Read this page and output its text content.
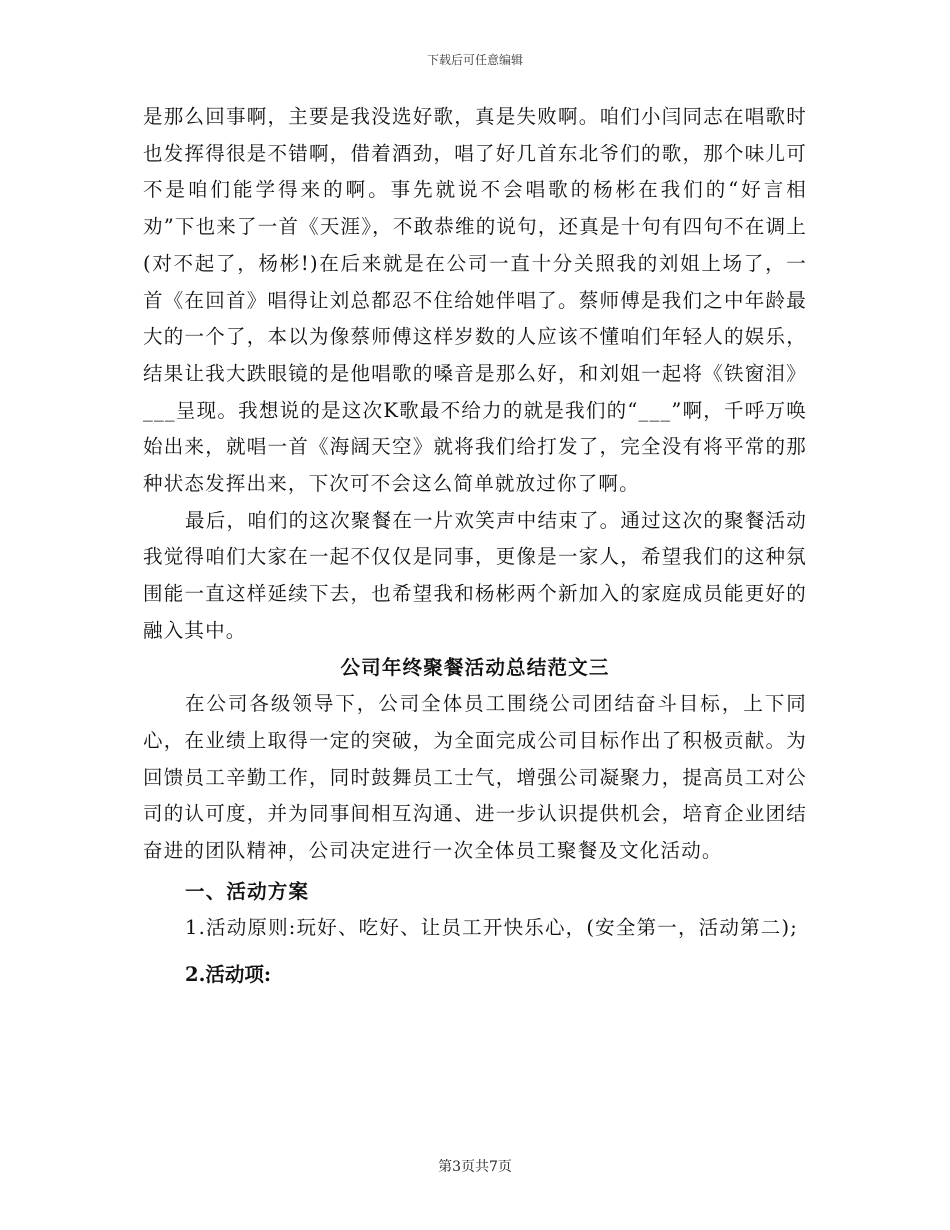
下载后可任意编辑

是那么回事啊，主要是我没选好歌，真是失败啊。咱们小闫同志在唱歌时也发挥得很是不错啊，借着酒劲，唱了好几首东北爷们的歌，那个味儿可不是咱们能学得来的啊。事先就说不会唱歌的杨彬在我们的“好言相劝”下也来了一首《天涯》，不敢恭维的说句，还真是十句有四句不在调上(对不起了，杨彬!)在后来就是在公司一直十分关照我的刘姐上场了，一首《在回首》唱得让刘总都忍不住给她伴唱了。蔡师傅是我们之中年龄最大的一个了，本以为像蔡师傅这样岁数的人应该不懂咱们年轻人的娱乐，结果让我大跌眼镜的是他唱歌的嗓音是那么好，和刘姐一起将《铁窗泪》___呈现。我想说的是这次K歌最不给力的就是我们的“___”啊，千呼万唤始出来，就唱一首《海阔天空》就将我们给打发了，完全没有将平常的那种状态发挥出来，下次可不会这么简单就放过你了啊。

最后，咱们的这次聚餐在一片欢笑声中结束了。通过这次的聚餐活动我觉得咱们大家在一起不仅仅是同事，更像是一家人，希望我们的这种氛围能一直这样延续下去，也希望我和杨彬两个新加入的家庭成员能更好的融入其中。

公司年终聚餐活动总结范文三

在公司各级领导下，公司全体员工围绕公司团结奋斗目标，上下同心，在业绩上取得一定的突破，为全面完成公司目标作出了积极贡献。为回馈员工辛勤工作，同时鼓舞员工士气，增强公司凝聚力，提高员工对公司的认可度，并为同事间相互沟通、进一步认识提供机会，培育企业团结奋进的团队精神，公司决定进行一次全体员工聚餐及文化活动。

一、活动方案

1.活动原则:玩好、吃好、让员工开快乐心，(安全第一，活动第二);

2.活动项:

第3页共7页
